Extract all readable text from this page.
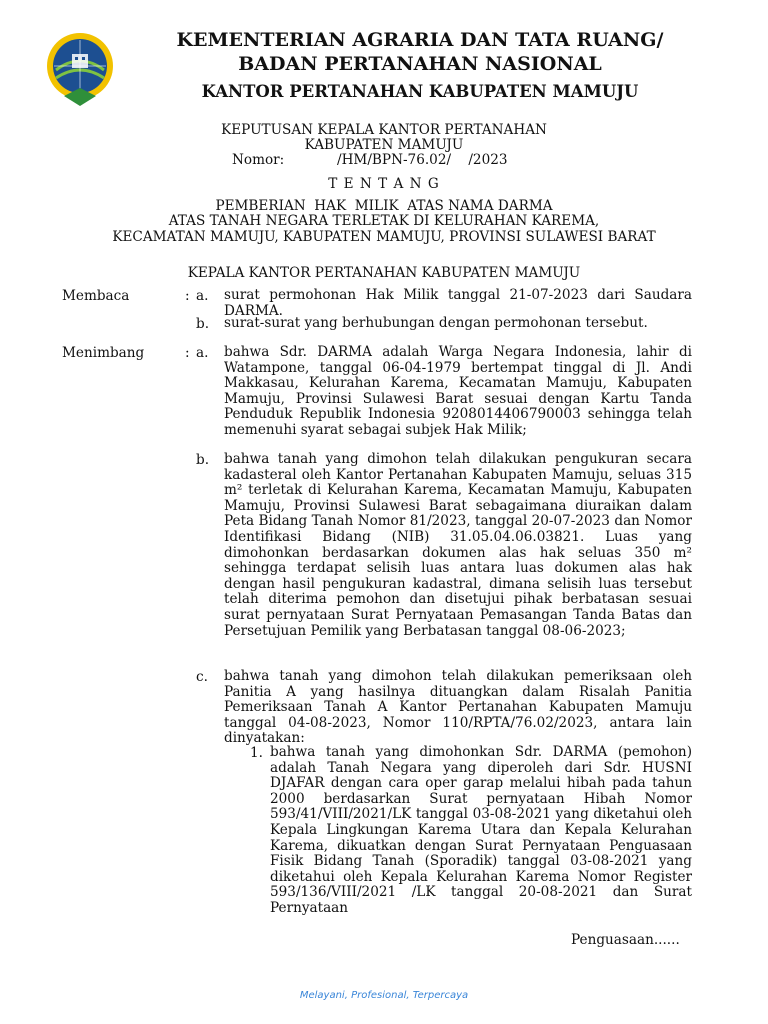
KEMENTERIAN AGRARIA DAN TATA RUANG/
BADAN PERTANAHAN NASIONAL
KANTOR PERTANAHAN KABUPATEN MAMUJU
KEPUTUSAN KEPALA KANTOR PERTANAHAN
KABUPATEN MAMUJU
Nomor:	/HM/BPN-76.02/    /2023
T E N T A N G
PEMBERIAN  HAK  MILIK  ATAS NAMA DARMA
ATAS TANAH NEGARA TERLETAK DI KELURAHAN KAREMA,
KECAMATAN MAMUJU, KABUPATEN MAMUJU, PROVINSI SULAWESI BARAT
KEPALA KANTOR PERTANAHAN KABUPATEN MAMUJU
Membaca	: a. surat permohonan Hak Milik tanggal 21-07-2023 dari Saudara DARMA.
b. surat-surat yang berhubungan dengan permohonan tersebut.
Menimbang	: a. bahwa Sdr. DARMA adalah Warga Negara Indonesia, lahir di Watampone, tanggal 06-04-1979 bertempat tinggal di Jl. Andi Makkasau, Kelurahan Karema, Kecamatan Mamuju, Kabupaten Mamuju, Provinsi Sulawesi Barat sesuai dengan Kartu Tanda Penduduk Republik Indonesia 9208014406790003 sehingga telah memenuhi syarat sebagai subjek Hak Milik;
b. bahwa tanah yang dimohon telah dilakukan pengukuran secara kadasteral oleh Kantor Pertanahan Kabupaten Mamuju, seluas 315 m² terletak di Kelurahan Karema, Kecamatan Mamuju, Kabupaten Mamuju, Provinsi Sulawesi Barat sebagaimana diuraikan dalam Peta Bidang Tanah Nomor 81/2023, tanggal 20-07-2023 dan Nomor Identifikasi Bidang (NIB) 31.05.04.06.03821. Luas yang dimohonkan berdasarkan dokumen alas hak seluas 350 m² sehingga terdapat selisih luas antara luas dokumen alas hak dengan hasil pengukuran kadastral, dimana selisih luas tersebut telah diterima pemohon dan disetujui pihak berbatasan sesuai surat pernyataan Surat Pernyataan Pemasangan Tanda Batas dan Persetujuan Pemilik yang Berbatasan tanggal 08-06-2023;
c. bahwa tanah yang dimohon telah dilakukan pemeriksaan oleh Panitia A yang hasilnya dituangkan dalam Risalah Panitia Pemeriksaan Tanah A Kantor Pertanahan Kabupaten Mamuju tanggal 04-08-2023, Nomor 110/RPTA/76.02/2023, antara lain dinyatakan:
1. bahwa tanah yang dimohonkan Sdr. DARMA (pemohon) adalah Tanah Negara yang diperoleh dari Sdr. HUSNI DJAFAR dengan cara oper garap melalui hibah pada tahun 2000 berdasarkan Surat pernyataan Hibah Nomor 593/41/VIII/2021/LK tanggal 03-08-2021 yang diketahui oleh Kepala Lingkungan Karema Utara dan Kepala Kelurahan Karema, dikuatkan dengan Surat Pernyataan Penguasaan Fisik Bidang Tanah (Sporadik) tanggal 03-08-2021 yang diketahui oleh Kepala Kelurahan Karema Nomor Register 593/136/VIII/2021 /LK tanggal 20-08-2021 dan Surat Pernyataan
Penguasaan......
Melayani, Profesional, Terpercaya
